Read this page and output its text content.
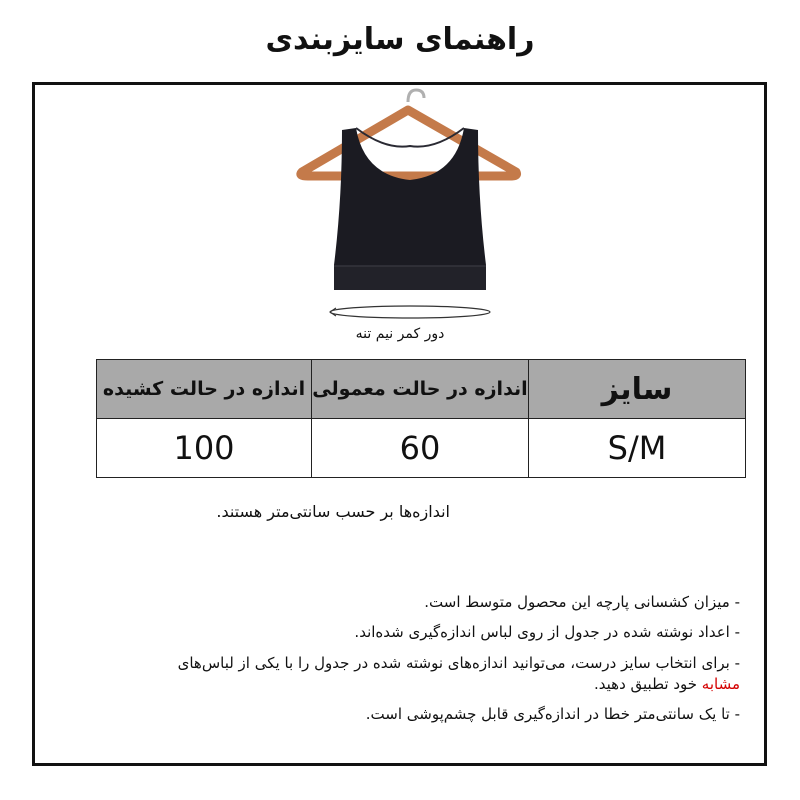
راهنمای سایزبندی
دور کمر نیم تنه
سایز	اندازه در حالت معمولی	اندازه در حالت کشیده
S/M	60	100
اندازه‌ها بر حسب سانتی‌متر هستند.
- میزان کشسانی پارچه این محصول متوسط است.
- اعداد نوشته شده در جدول از روی لباس اندازه‌گیری شده‌اند.
- برای انتخاب سایز درست، می‌توانید اندازه‌های نوشته شده در جدول را با یکی از لباس‌های
مشابه خود تطبیق دهید.
- تا یک سانتی‌متر خطا در اندازه‌گیری قابل چشم‌پوشی است.
